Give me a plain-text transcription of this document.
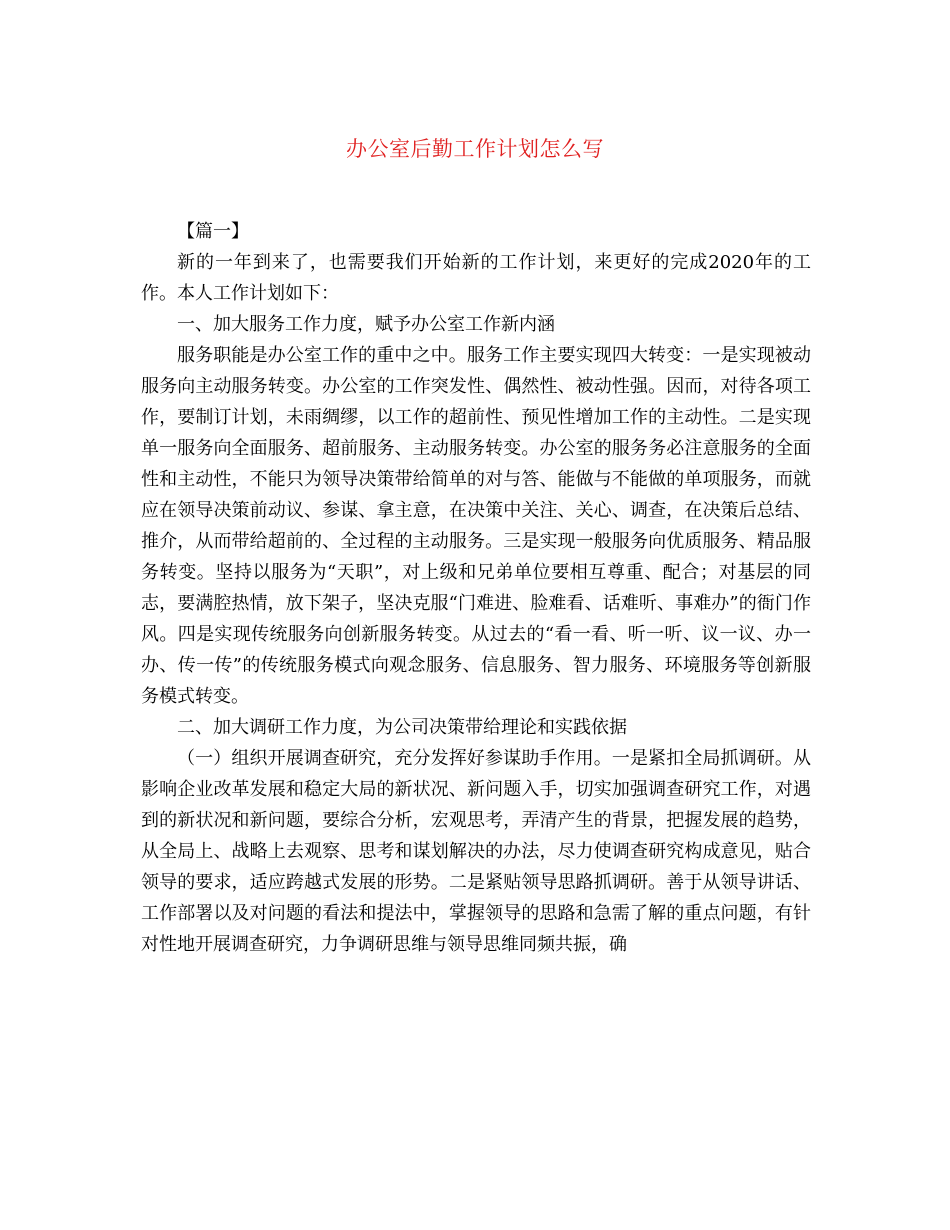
办公室后勤工作计划怎么写

【篇一】

新的一年到来了，也需要我们开始新的工作计划，来更好的完成2020年的工作。本人工作计划如下：

一、加大服务工作力度，赋予办公室工作新内涵

服务职能是办公室工作的重中之中。服务工作主要实现四大转变：一是实现被动服务向主动服务转变。办公室的工作突发性、偶然性、被动性强。因而，对待各项工作，要制订计划，未雨绸缪，以工作的超前性、预见性增加工作的主动性。二是实现单一服务向全面服务、超前服务、主动服务转变。办公室的服务务必注意服务的全面性和主动性，不能只为领导决策带给简单的对与答、能做与不能做的单项服务，而就应在领导决策前动议、参谋、拿主意，在决策中关注、关心、调查，在决策后总结、推介，从而带给超前的、全过程的主动服务。三是实现一般服务向优质服务、精品服务转变。坚持以服务为“天职”，对上级和兄弟单位要相互尊重、配合；对基层的同志，要满腔热情，放下架子，坚决克服“门难进、脸难看、话难听、事难办”的衙门作风。四是实现传统服务向创新服务转变。从过去的“看一看、听一听、议一议、办一办、传一传”的传统服务模式向观念服务、信息服务、智力服务、环境服务等创新服务模式转变。

二、加大调研工作力度，为公司决策带给理论和实践依据

（一）组织开展调查研究，充分发挥好参谋助手作用。一是紧扣全局抓调研。从影响企业改革发展和稳定大局的新状况、新问题入手，切实加强调查研究工作，对遇到的新状况和新问题，要综合分析，宏观思考，弄清产生的背景，把握发展的趋势，从全局上、战略上去观察、思考和谋划解决的办法，尽力使调查研究构成意见，贴合领导的要求，适应跨越式发展的形势。二是紧贴领导思路抓调研。善于从领导讲话、工作部署以及对问题的看法和提法中，掌握领导的思路和急需了解的重点问题，有针对性地开展调查研究，力争调研思维与领导思维同频共振，确
